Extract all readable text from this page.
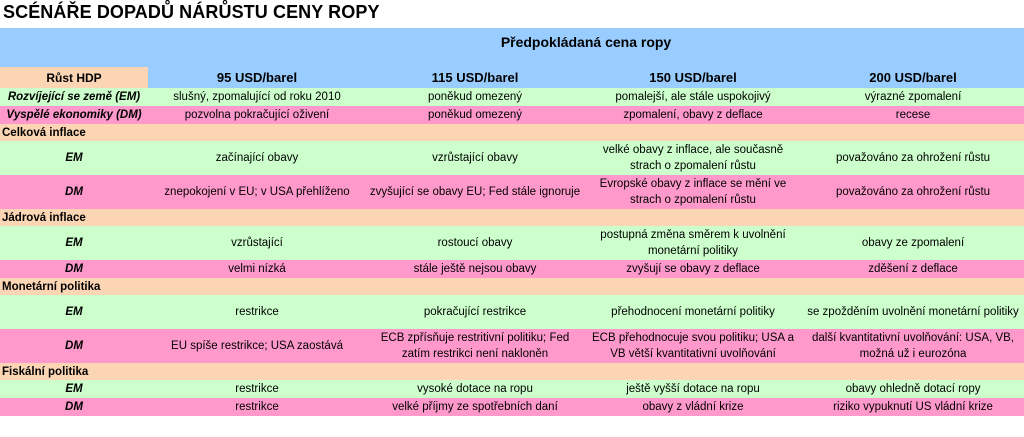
SCÉNÁŘE DOPADŮ NÁRŮSTU CENY ROPY
	Předpokládaná cena ropy			

Růst HDP	95 USD/barel	115 USD/barel	150 USD/barel	200 USD/barel
Rozvíjející se země (EM)	slušný, zpomalující od roku 2010	poněkud omezený	pomalejší, ale stále uspokojivý	výrazné zpomalení
Vyspělé ekonomiky (DM)	pozvolna pokračující oživení	poněkud omezený	zpomalení, obavy z deflace	recese
Celková inflace				
EM	začínající obavy	vzrůstající obavy	velké obavy z inflace, ale současně strach o zpomalení růstu	považováno za ohrožení růstu
DM	znepokojení v EU; v USA přehlíženo	zvyšující se obavy EU; Fed stále ignoruje	Evropské obavy z inflace se mění ve strach o zpomalení růstu	považováno za ohrožení růstu
Jádrová inflace				
EM	vzrůstající	rostoucí obavy	postupná změna směrem k uvolnění monetární politiky	obavy ze zpomalení
DM	velmi nízká	stále ještě nejsou obavy	zvyšují se obavy z deflace	zděšení z deflace
Monetární politika				
EM	restrikce	pokračující restrikce	přehodnocení monetární politiky	se zpožděním uvolnění monetární politiky
DM	EU spíše restrikce; USA zaostává	ECB zpřísňuje restritivní politiku; Fed zatím restrikci není nakloněn	ECB přehodnocuje svou politiku; USA a VB větší kvantitativní uvolňování	další kvantitativní uvolňování: USA, VB, možná už i eurozóna
Fiskální politika				
EM	restrikce	vysoké dotace na ropu	ještě vyšší dotace na ropu	obavy ohledně dotací ropy
DM	restrikce	velké příjmy ze spotřebních daní	obavy z vládní krize	riziko vypuknutí US vládní krize
